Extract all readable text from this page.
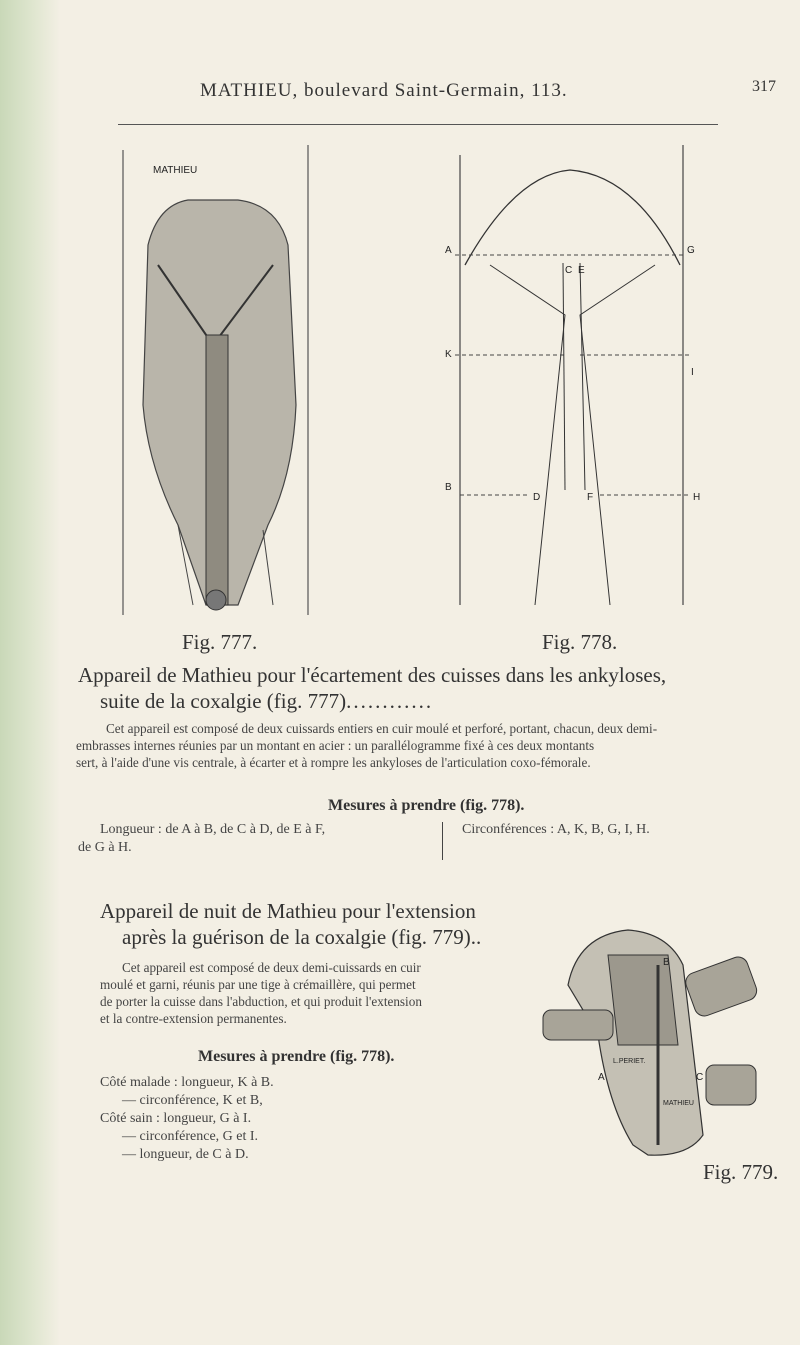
MATHIEU, boulevard Saint-Germain, 113.	317
MATHIEU
Fig. 777.
A	G
C E
K
I
B
D	F	H
Fig. 778.
Appareil de Mathieu pour l'écartement des cuisses dans les ankyloses,
suite de la coxalgie (fig. 777)............
Cet appareil est composé de deux cuissards entiers en cuir moulé et perforé, portant, chacun, deux demi-
embrasses internes réunies par un montant en acier : un parallélogramme fixé à ces deux montants
sert, à l'aide d'une vis centrale, à écarter et à rompre les ankyloses de l'articulation coxo-fémorale.
Mesures à prendre (fig. 778).
Longueur : de A à B, de C à D, de E à F,
de G à H.
Circonférences : A, K, B, G, I, H.
Appareil de nuit de Mathieu pour l'extension
après la guérison de la coxalgie (fig. 779)..
Cet appareil est composé de deux demi-cuissards en cuir
moulé et garni, réunis par une tige à crémaillère, qui permet
de porter la cuisse dans l'abduction, et qui produit l'extension
et la contre-extension permanentes.
Mesures à prendre (fig. 778).
Côté malade : longueur, K à B.
— circonférence, K et B,
Côté sain : longueur, G à I.
— circonférence, G et I.
— longueur, de C à D.
B
A	C
L.PERIET.
MATHIEU
Fig. 779.
